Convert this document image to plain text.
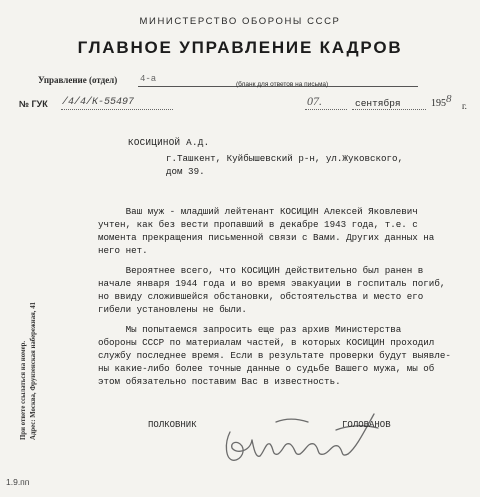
МИНИСТЕРСТВО ОБОРОНЫ СССР
ГЛАВНОЕ УПРАВЛЕНИЕ КАДРОВ
Управление (отдел)	4-а
(бланк для ответов на письма)
№ ГУК /4/4/К-55497	07.	сентября	195 8
г.
КОСИЦИНОЙ А.Д.
г.Ташкент, Куйбышевский р-н, ул.Жуковского,
дом 39.
Ваш муж - младший лейтенант КОСИЦИН Алексей Яковлевич
учтен, как без вести пропавший в декабре 1943 года, т.е. с
момента прекращения письменной связи с Вами. Других данных на
него нет.
Вероятнее всего, что КОСИЦИН действительно был ранен в
начале января 1944 года и во время эвакуации в госпиталь погиб,
но ввиду сложившейся обстановки, обстоятельства и место его
гибели установлены не были.
Мы попытаемся запросить еще раз архив Министерства
обороны СССР по материалам частей, в которых КОСИЦИН проходил
службу последнее время. Если в результате проверки будут выявле-
ны какие-либо более точные данные о судьбе Вашего мужа, мы об
этом обязательно поставим Вас в известность.
При ответе ссылаться на номер. Адрес: Москва, Фрунзенская набережная, 41	ПОЛКОВНИК	ГОЛОВАНОВ
1.9.пп
